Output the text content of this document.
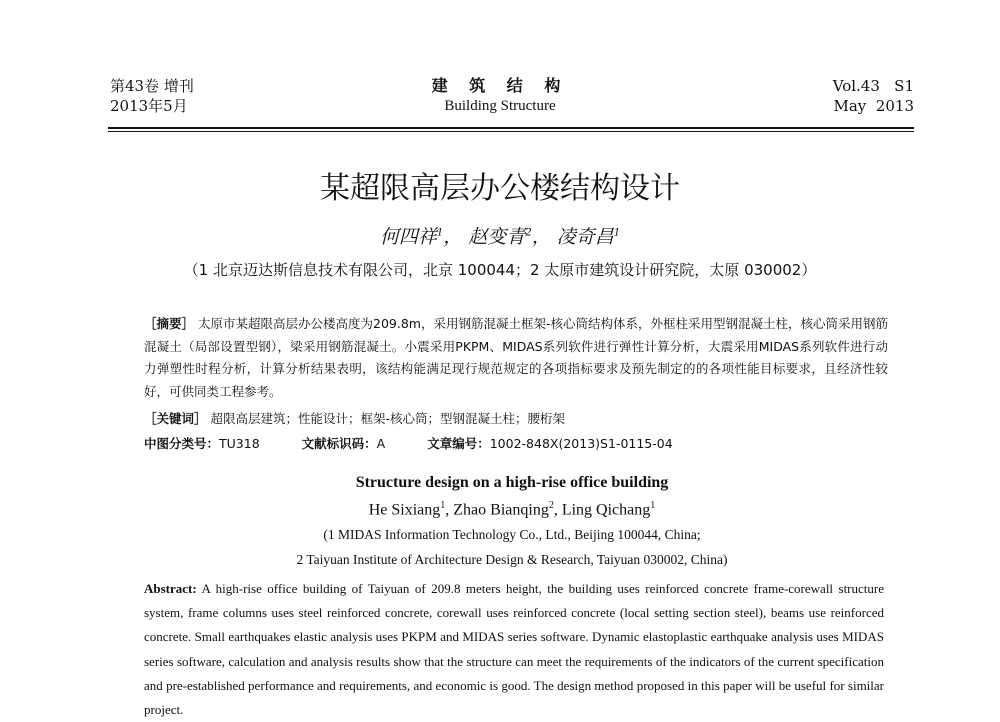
第43卷 增刊
2013年5月
建 筑 结 构
Building Structure
Vol.43   S1
May  2013
某超限高层办公楼结构设计
何四祥$^1$， 赵变青$^2$， 凌奇昌$^1$
（1 北京迈达斯信息技术有限公司，北京 100044；2 太原市建筑设计研究院，太原 030002）
［摘要］ 太原市某超限高层办公楼高度为209.8m，采用钢筋混凝土框架-核心筒结构体系，外框柱采用型钢混凝土柱，核心筒采用钢筋混凝土（局部设置型钢），梁采用钢筋混凝土。小震采用PKPM、MIDAS系列软件进行弹性计算分析，大震采用MIDAS系列软件进行动力弹塑性时程分析，计算分析结果表明，该结构能满足现行规范规定的各项指标要求及预先制定的的各项性能目标要求，且经济性较好，可供同类工程参考。
［关键词］ 超限高层建筑；性能设计；框架-核心筒；型钢混凝土柱；腰桁架
中图分类号：TU318	文献标识码：A	文章编号：1002-848X(2013)S1-0115-04
Structure design on a high-rise office building
He Sixiang$^1$, Zhao Bianqing$^2$, Ling Qichang$^1$
(1 MIDAS Information Technology Co., Ltd., Beijing 100044, China;
2 Taiyuan Institute of Architecture Design & Research, Taiyuan 030002, China)
Abstract: A high-rise office building of Taiyuan of 209.8 meters height, the building uses reinforced concrete frame-corewall structure system, frame columns uses steel reinforced concrete, corewall uses reinforced concrete (local setting section steel), beams use reinforced concrete. Small earthquakes elastic analysis uses PKPM and MIDAS series software. Dynamic elastoplastic earthquake analysis uses MIDAS series software, calculation and analysis results show that the structure can meet the requirements of the indicators of the current specification and pre-established performance and requirements, and economic is good. The design method proposed in this paper will be useful for similar project.
